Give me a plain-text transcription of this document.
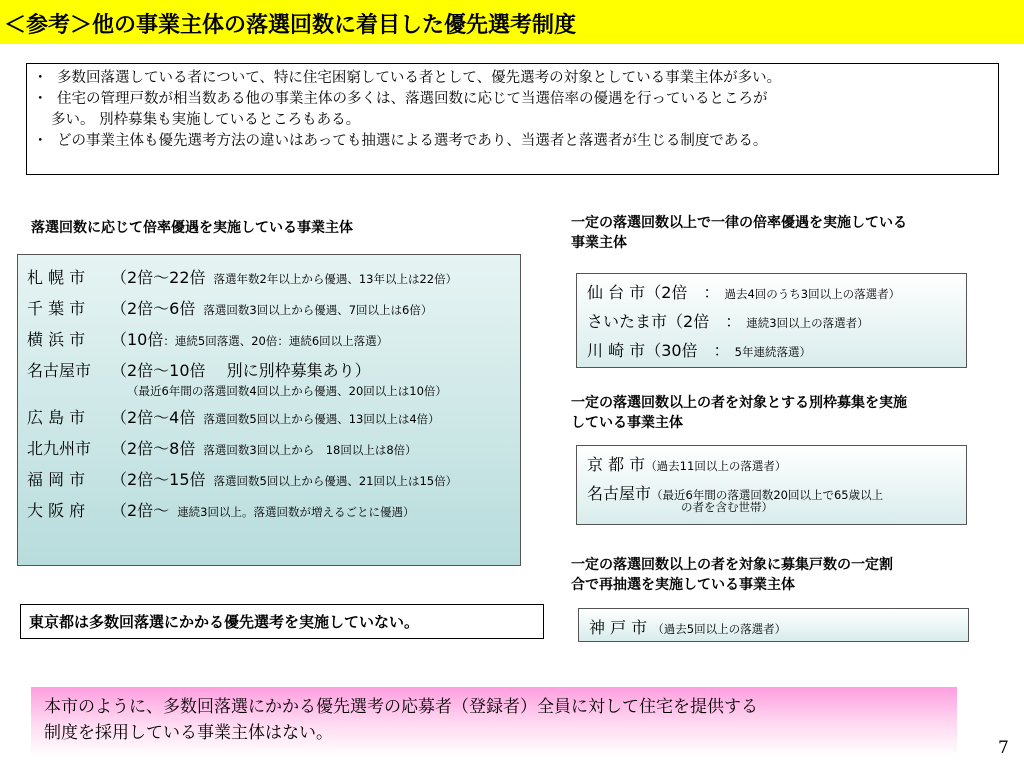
＜参考＞他の事業主体の落選回数に着目した優先選考制度
・ 多数回落選している者について、特に住宅困窮している者として、優先選考の対象としている事業主体が多い。
・ 住宅の管理戸数が相当数ある他の事業主体の多くは、落選回数に応じて当選倍率の優遇を行っているところが
多い。 別枠募集も実施しているところもある。
・ どの事業主体も優先選考方法の違いはあっても抽選による選考であり、当選者と落選者が生じる制度である。
落選回数に応じて倍率優遇を実施している事業主体
札 幌 市 （2倍～22倍 落選年数2年以上から優遇、13年以上は22倍）
千 葉 市 （2倍～6倍 落選回数3回以上から優遇、7回以上は6倍）
横 浜 市 （10倍：連続5回落選、20倍：連続6回以上落選）
名古屋市 （2倍～10倍　 別に別枠募集あり）
（最近6年間の落選回数4回以上から優遇、20回以上は10倍）
広 島 市 （2倍～4倍 落選回数5回以上から優遇、13回以上は4倍）
北九州市 （2倍～8倍 落選回数3回以上から　18回以上は8倍）
福 岡 市 （2倍～15倍 落選回数5回以上から優遇、21回以上は15倍）
大 阪 府 （2倍～ 連続3回以上。落選回数が増えるごとに優遇）
東京都は多数回落選にかかる優先選考を実施していない。
一定の落選回数以上で一律の倍率優遇を実施している
事業主体
仙 台 市（2倍　： 過去4回のうち3回以上の落選者）
さいたま市（2倍　： 連続3回以上の落選者）
川 崎 市（30倍　： 5年連続落選）
一定の落選回数以上の者を対象とする別枠募集を実施
している事業主体
京 都 市（過去11回以上の落選者）
名古屋市（最近6年間の落選回数20回以上で65歳以上
の者を含む世帯）
一定の落選回数以上の者を対象に募集戸数の一定割
合で再抽選を実施している事業主体
神 戸 市 （過去5回以上の落選者）
本市のように、多数回落選にかかる優先選考の応募者（登録者）全員に対して住宅を提供する
制度を採用している事業主体はない。
7
